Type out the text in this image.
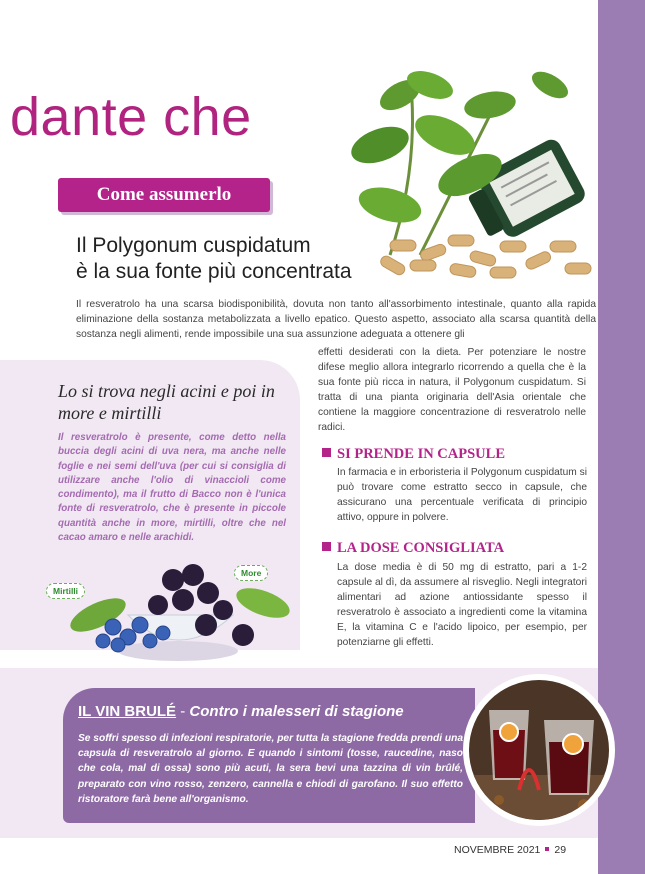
dante che
Come assumerlo
Il Polygonum cuspidatum
è la sua fonte più concentrata

Il resveratrolo ha una scarsa biodisponibilità, dovuta non tanto all'assorbimento intestinale, quanto alla rapida eliminazione della sostanza metabolizzata a livello epatico. Questo aspetto, associato alla scarsa quantità della sostanza negli alimenti, rende impossibile una sua assunzione adeguata a ottenere gli

effetti desiderati con la dieta. Per potenziare le nostre difese meglio allora integrarlo ricorrendo a quella che è la sua fonte più ricca in natura, il Polygonum cuspidatum. Si tratta di una pianta originaria dell'Asia orientale che contiene la maggiore concentrazione di resveratrolo nelle radici.

Lo si trova negli acini e poi in more e mirtilli

Il resveratrolo è presente, come detto nella buccia degli acini di uva nera, ma anche nelle foglie e nei semi dell'uva (per cui si consiglia di utilizzare anche l'olio di vinaccioli come condimento), ma il frutto di Bacco non è l'unica fonte di resveratrolo, che è presente in piccole quantità anche in more, mirtilli, oltre che nel cacao amaro e nelle arachidi.

Mirtilli
More
SI PRENDE IN CAPSULE

In farmacia e in erboristeria il Polygonum cuspidatum si può trovare come estratto secco in capsule, che assicurano una percentuale verificata di principio attivo, oppure in polvere.

LA DOSE CONSIGLIATA

La dose media è di 50 mg di estratto, pari a 1-2 capsule al dì, da assumere al risveglio. Negli integratori alimentari ad azione antiossidante spesso il resveratrolo è associato a ingredienti come la vitamina E, la vitamina C e l'acido lipoico, per esempio, per potenziarne gli effetti.

IL VIN BRULÉ - Contro i malesseri di stagione

Se soffri spesso di infezioni respiratorie, per tutta la stagione fredda prendi una capsula di resveratrolo al giorno. E quando i sintomi (tosse, raucedine, naso che cola, mal di ossa) sono più acuti, la sera bevi una tazzina di vin brûlé, preparato con vino rosso, zenzero, cannella e chiodi di garofano. Il suo effetto ristoratore farà bene all'organismo.

NOVEMBRE 2021 29
